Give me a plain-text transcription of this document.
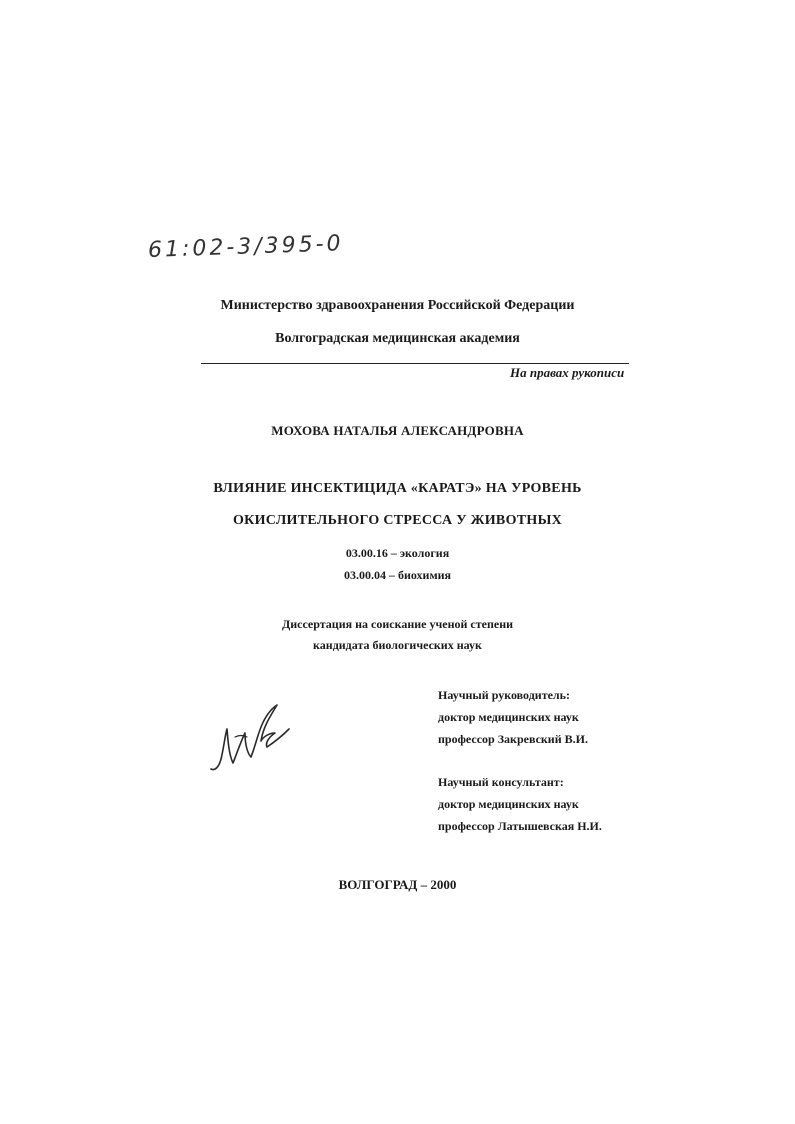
61:02-3/395-0
Министерство здравоохранения Российской Федерации
Волгоградская медицинская академия
На правах рукописи
МОХОВА НАТАЛЬЯ АЛЕКСАНДРОВНА
ВЛИЯНИЕ ИНСЕКТИЦИДА «КАРАТЭ» НА УРОВЕНЬ
ОКИСЛИТЕЛЬНОГО СТРЕССА У ЖИВОТНЫХ
03.00.16 – экология
03.00.04 – биохимия
Диссертация на соискание ученой степени
кандидата биологических наук
Научный руководитель:
доктор медицинских наук
профессор Закревский В.И.
Научный консультант:
доктор медицинских наук
профессор Латышевская Н.И.
ВОЛГОГРАД – 2000
